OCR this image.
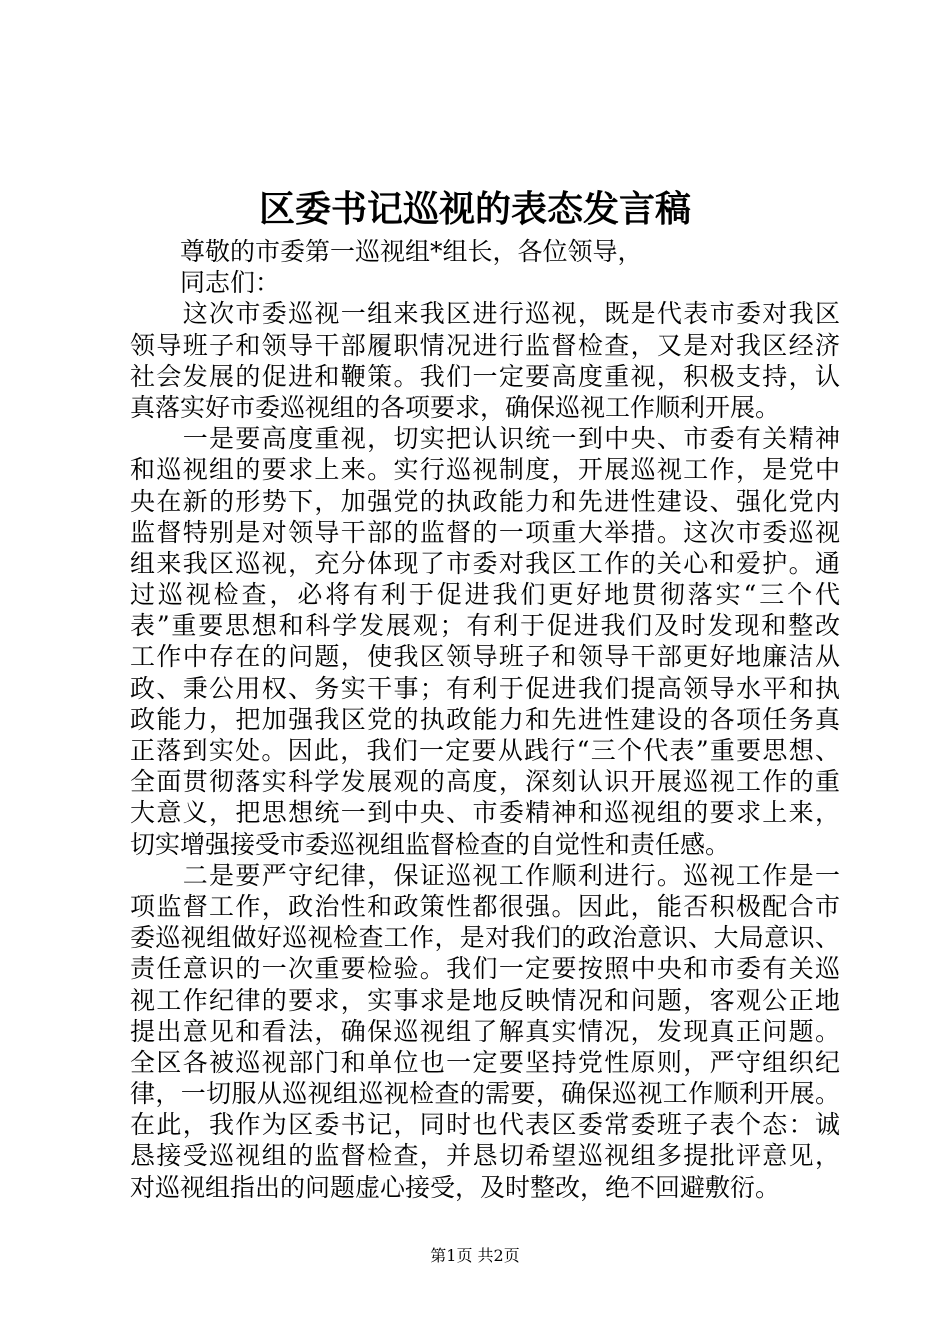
区委书记巡视的表态发言稿
　　尊敬的市委第一巡视组*组长，各位领导，
　　同志们：
　　这次市委巡视一组来我区进行巡视，既是代表市委对我区
领导班子和领导干部履职情况进行监督检查，又是对我区经济
社会发展的促进和鞭策。我们一定要高度重视，积极支持，认
真落实好市委巡视组的各项要求，确保巡视工作顺利开展。
　　一是要高度重视，切实把认识统一到中央、市委有关精神
和巡视组的要求上来。实行巡视制度，开展巡视工作，是党中
央在新的形势下，加强党的执政能力和先进性建设、强化党内
监督特别是对领导干部的监督的一项重大举措。这次市委巡视
组来我区巡视，充分体现了市委对我区工作的关心和爱护。通
过巡视检查，必将有利于促进我们更好地贯彻落实“三个代
表”重要思想和科学发展观；有利于促进我们及时发现和整改
工作中存在的问题，使我区领导班子和领导干部更好地廉洁从
政、秉公用权、务实干事；有利于促进我们提高领导水平和执
政能力，把加强我区党的执政能力和先进性建设的各项任务真
正落到实处。因此，我们一定要从践行“三个代表”重要思想、
全面贯彻落实科学发展观的高度，深刻认识开展巡视工作的重
大意义，把思想统一到中央、市委精神和巡视组的要求上来，
切实增强接受市委巡视组监督检查的自觉性和责任感。
　　二是要严守纪律，保证巡视工作顺利进行。巡视工作是一
项监督工作，政治性和政策性都很强。因此，能否积极配合市
委巡视组做好巡视检查工作，是对我们的政治意识、大局意识、
责任意识的一次重要检验。我们一定要按照中央和市委有关巡
视工作纪律的要求，实事求是地反映情况和问题，客观公正地
提出意见和看法，确保巡视组了解真实情况，发现真正问题。
全区各被巡视部门和单位也一定要坚持党性原则，严守组织纪
律，一切服从巡视组巡视检查的需要，确保巡视工作顺利开展。
在此，我作为区委书记，同时也代表区委常委班子表个态：诚
恳接受巡视组的监督检查，并恳切希望巡视组多提批评意见，
对巡视组指出的问题虚心接受，及时整改，绝不回避敷衍。
第1页 共2页
